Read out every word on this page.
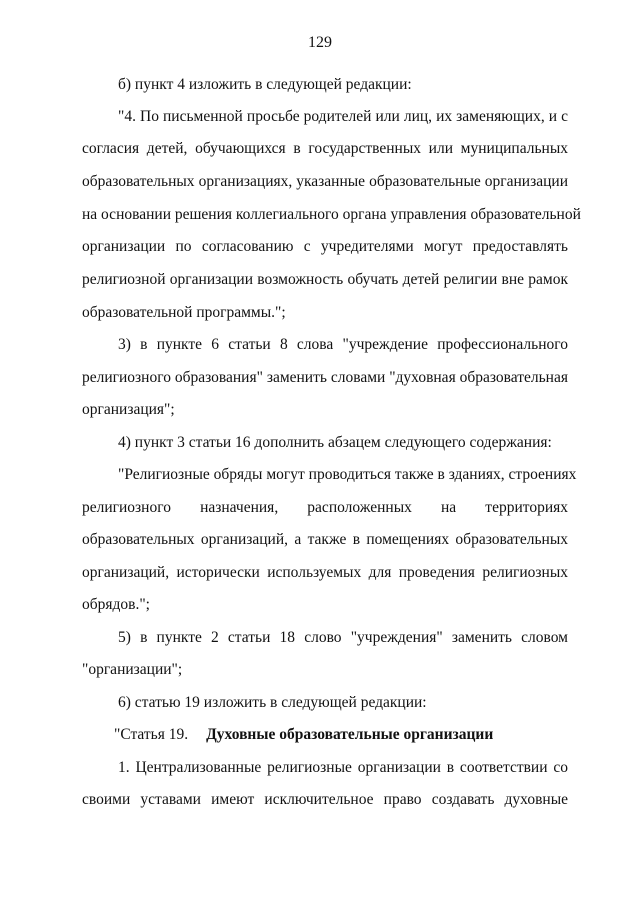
129
б) пункт 4 изложить в следующей редакции:
"4. По письменной просьбе родителей или лиц, их заменяющих, и с
согласия детей, обучающихся в государственных или муниципальных
образовательных организациях, указанные образовательные организации
на основании решения коллегиального органа управления образовательной
организации по согласованию с учредителями могут предоставлять
религиозной организации возможность обучать детей религии вне рамок
образовательной программы.";
3) в пункте 6 статьи 8 слова "учреждение профессионального
религиозного образования" заменить словами "духовная образовательная
организация";
4) пункт 3 статьи 16 дополнить абзацем следующего содержания:
"Религиозные обряды могут проводиться также в зданиях, строениях
религиозного назначения, расположенных на территориях
образовательных организаций, а также в помещениях образовательных
организаций, исторически используемых для проведения религиозных
обрядов.";
5) в пункте 2 статьи 18 слово "учреждения" заменить словом
"организации";
6) статью 19 изложить в следующей редакции:
"Статья 19. Духовные образовательные организации
1. Централизованные религиозные организации в соответствии со
своими уставами имеют исключительное право создавать духовные
